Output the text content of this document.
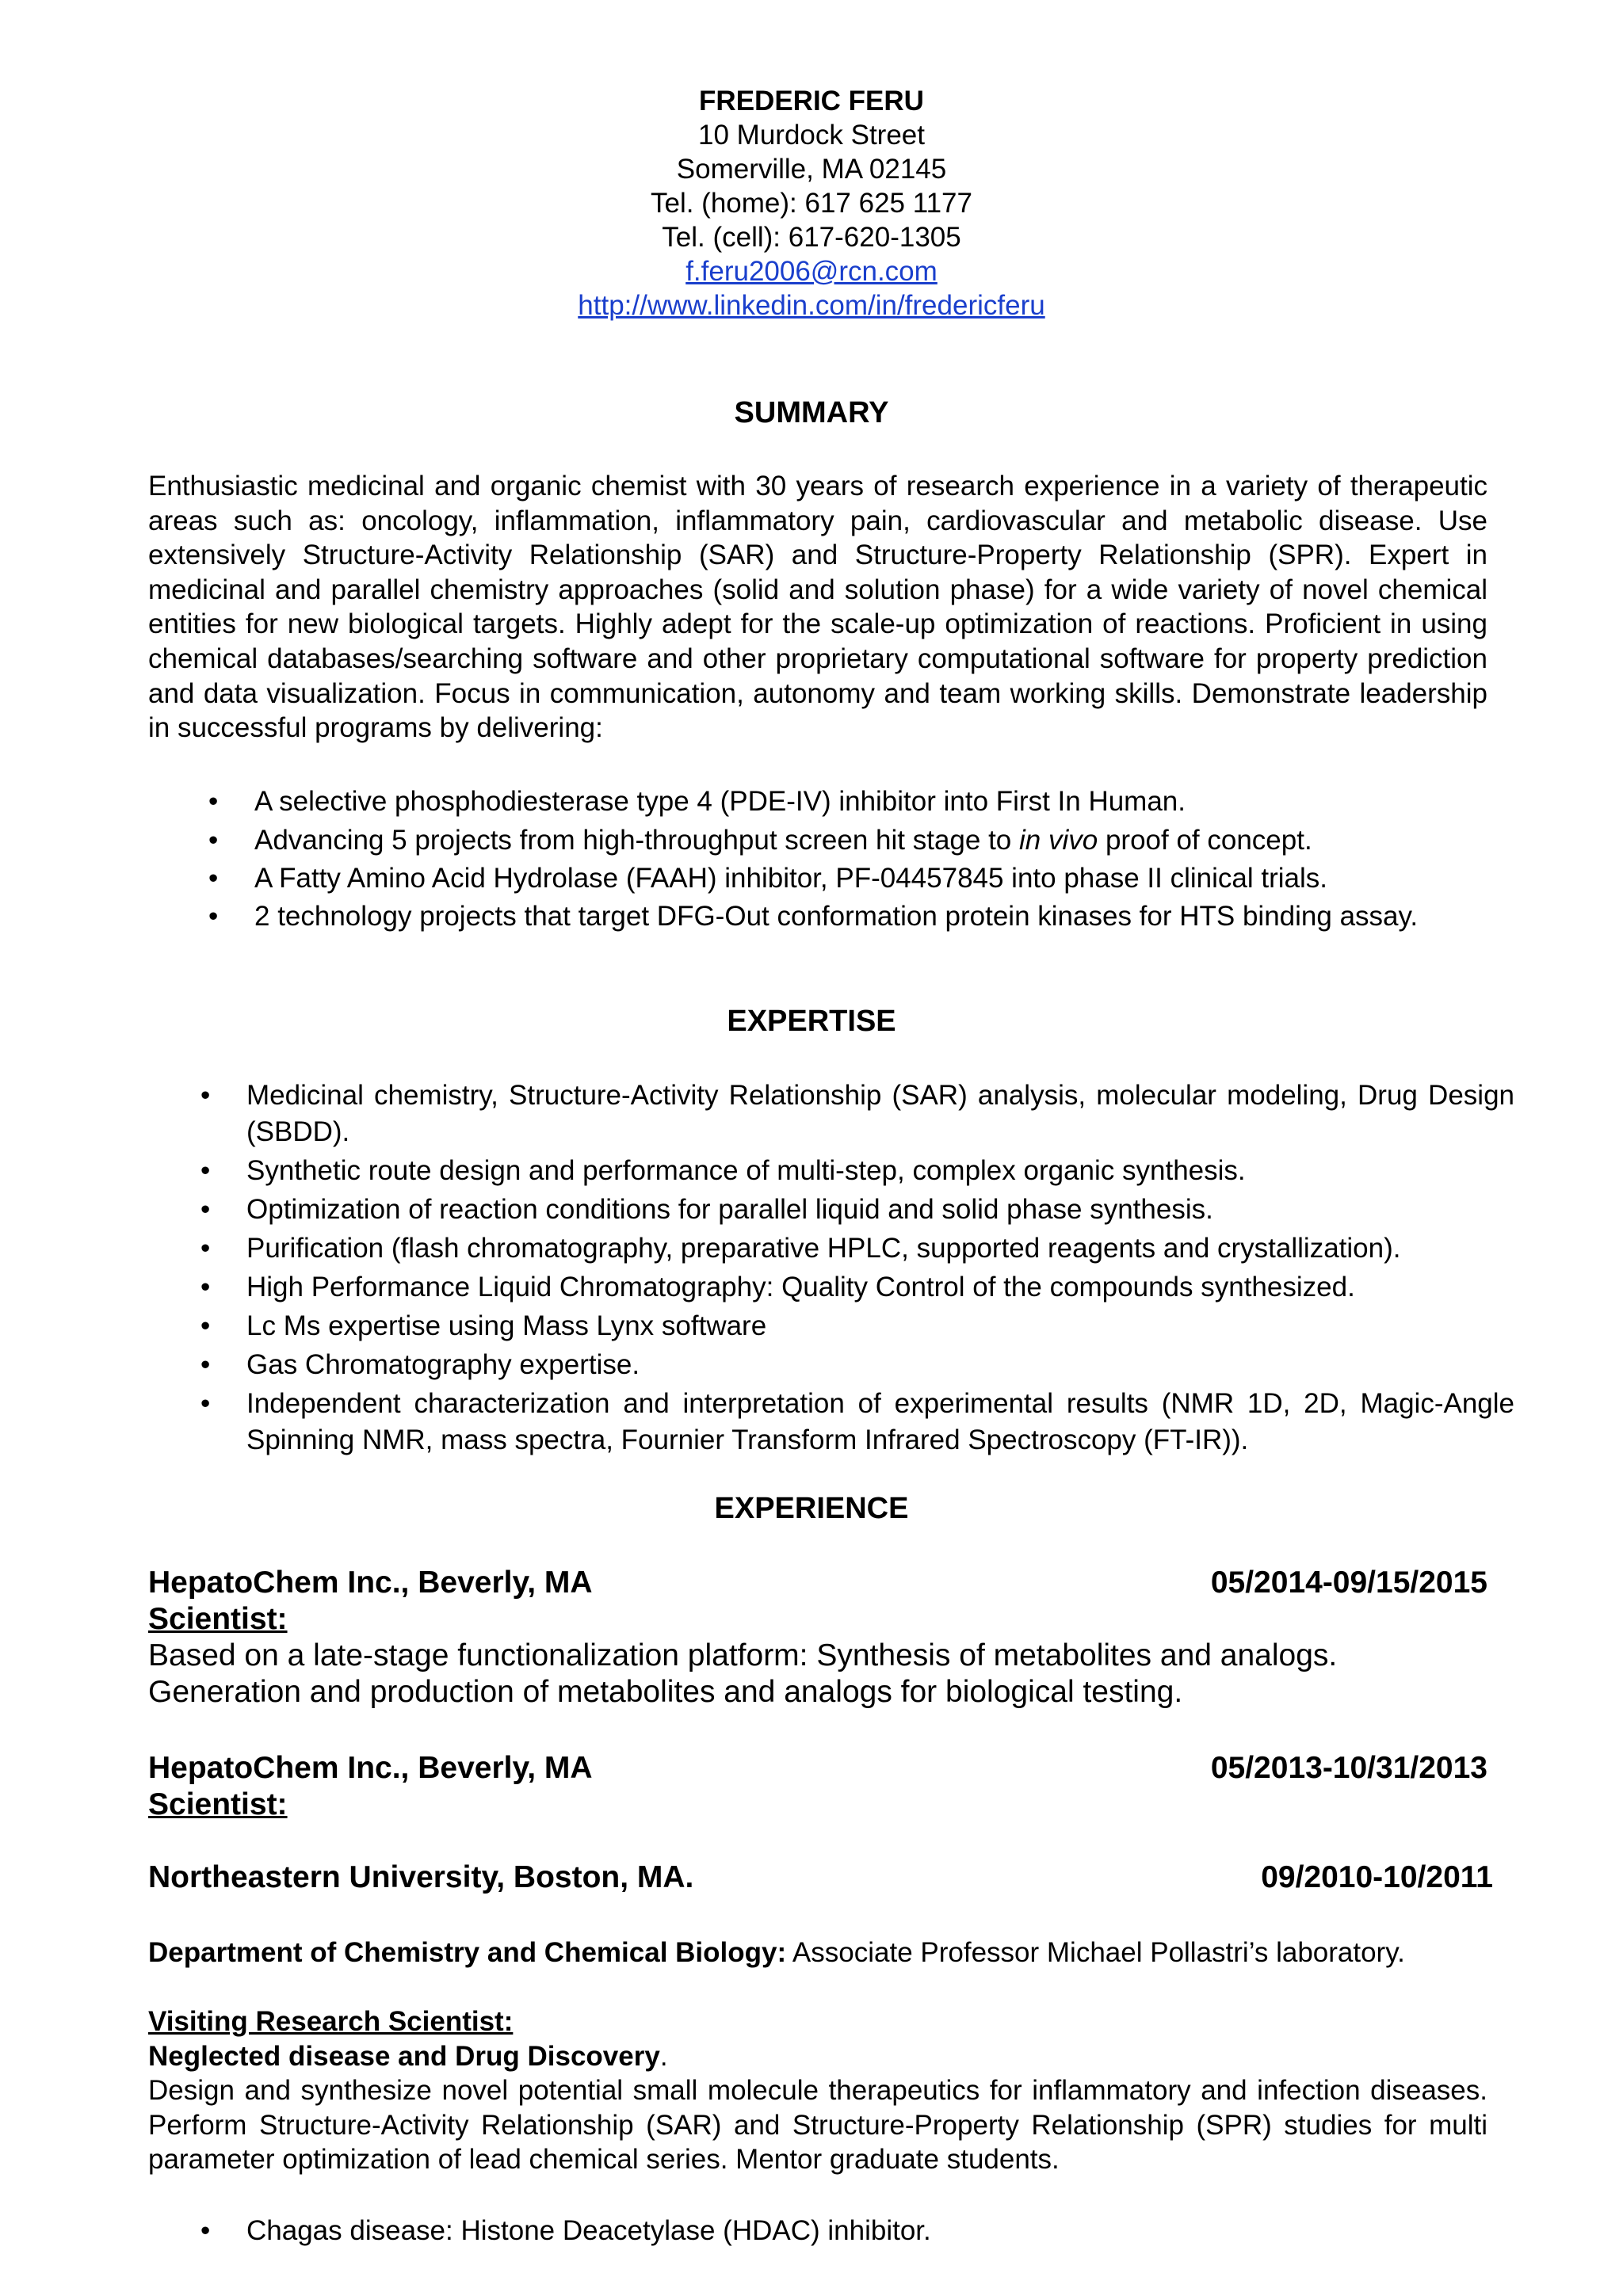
FREDERIC FERU
10 Murdock Street
Somerville, MA 02145
Tel. (home): 617 625 1177
Tel. (cell): 617-620-1305
f.feru2006@rcn.com
http://www.linkedin.com/in/fredericferu
SUMMARY
Enthusiastic medicinal and organic chemist with 30 years of research experience in a variety of therapeutic areas such as: oncology, inflammation, inflammatory pain, cardiovascular and metabolic disease. Use extensively Structure-Activity Relationship (SAR) and Structure-Property Relationship (SPR). Expert in medicinal and parallel chemistry approaches (solid and solution phase) for a wide variety of novel chemical entities for new biological targets. Highly adept for the scale-up optimization of reactions. Proficient in using chemical databases/searching software and other proprietary computational software for property prediction and data visualization. Focus in communication, autonomy and team working skills. Demonstrate leadership in successful programs by delivering:
• A selective phosphodiesterase type 4 (PDE-IV) inhibitor into First In Human.
• Advancing 5 projects from high-throughput screen hit stage to in vivo proof of concept.
• A Fatty Amino Acid Hydrolase (FAAH) inhibitor, PF-04457845 into phase II clinical trials.
• 2 technology projects that target DFG-Out conformation protein kinases for HTS binding assay.
EXPERTISE
• Medicinal chemistry, Structure-Activity Relationship (SAR) analysis, molecular modeling, Drug Design (SBDD).
• Synthetic route design and performance of multi-step, complex organic synthesis.
• Optimization of reaction conditions for parallel liquid and solid phase synthesis.
• Purification (flash chromatography, preparative HPLC, supported reagents and crystallization).
• High Performance Liquid Chromatography: Quality Control of the compounds synthesized.
• Lc Ms expertise using Mass Lynx software
• Gas Chromatography expertise.
• Independent characterization and interpretation of experimental results (NMR 1D, 2D, Magic-Angle Spinning NMR, mass spectra, Fournier Transform Infrared Spectroscopy (FT-IR)).
EXPERIENCE
HepatoChem Inc., Beverly, MA	05/2014-09/15/2015
Scientist:
Based on a late-stage functionalization platform: Synthesis of metabolites and analogs. Generation and production of metabolites and analogs for biological testing.
HepatoChem Inc., Beverly, MA	05/2013-10/31/2013
Scientist:
Northeastern University, Boston, MA.	09/2010-10/2011
Department of Chemistry and Chemical Biology: Associate Professor Michael Pollastri’s laboratory.
Visiting Research Scientist:
Neglected disease and Drug Discovery.
Design and synthesize novel potential small molecule therapeutics for inflammatory and infection diseases. Perform Structure-Activity Relationship (SAR) and Structure-Property Relationship (SPR) studies for multi parameter optimization of lead chemical series. Mentor graduate students.
• Chagas disease: Histone Deacetylase (HDAC) inhibitor.
